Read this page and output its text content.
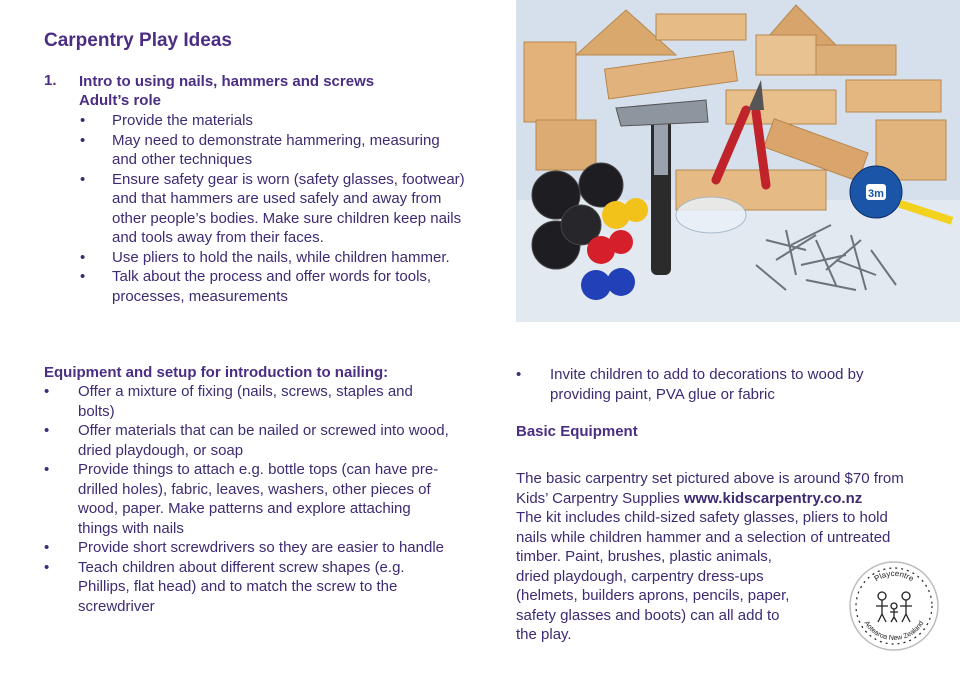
Carpentry Play Ideas
1. Intro to using nails, hammers and screws
Adult’s role
• Provide the materials
• May need to demonstrate hammering, measuring and other techniques
• Ensure safety gear is worn (safety glasses, footwear) and that hammers are used safely and away from other people’s bodies. Make sure children keep nails and tools away from their faces.
• Use pliers to hold the nails, while children hammer.
• Talk about the process and offer words for tools, processes, measurements
Equipment and setup for introduction to nailing:
• Offer a mixture of fixing (nails, screws, staples and bolts)
• Offer materials that can be nailed or screwed into wood, dried playdough, or soap
• Provide things to attach e.g. bottle tops (can have pre-drilled holes), fabric, leaves, washers, other pieces of wood, paper. Make patterns and explore attaching things with nails
• Provide short screwdrivers so they are easier to handle
• Teach children about different screw shapes (e.g. Phillips, flat head) and to match the screw to the screwdriver
• Invite children to add to decorations to wood by providing paint, PVA glue or fabric
Basic Equipment
The basic carpentry set pictured above is around $70 from
Kids’ Carpentry Supplies www.kidscarpentry.co.nz
The kit includes child-sized safety glasses, pliers to hold
nails while children hammer and a selection of untreated
timber. Paint, brushes, plastic animals,
dried playdough, carpentry dress-ups
(helmets, builders aprons, pencils, paper,
safety glasses and boots) can all add to
the play.
3m
Playcentre
Aotearoa New Zealand
